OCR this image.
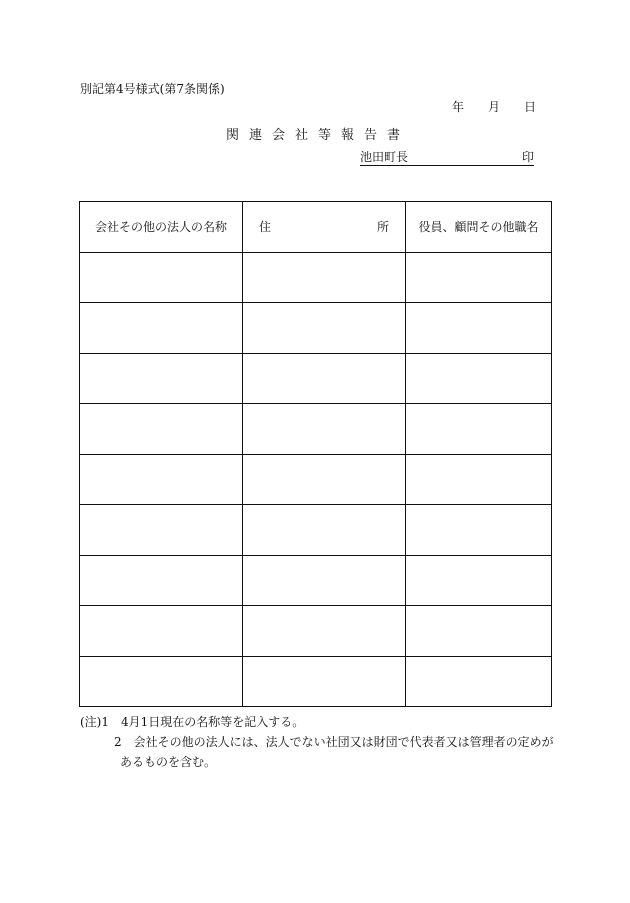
別記第4号様式(第7条関係)
年 月 日
関 連 会 社 等 報 告 書
池田町長	印
会社その他の法人の名称	住 所	役員、顧問その他職名

(注)1　4月1日現在の名称等を記入する。
2　会社その他の法人には、法人でない社団又は財団で代表者又は管理者の定めが
あるものを含む。
